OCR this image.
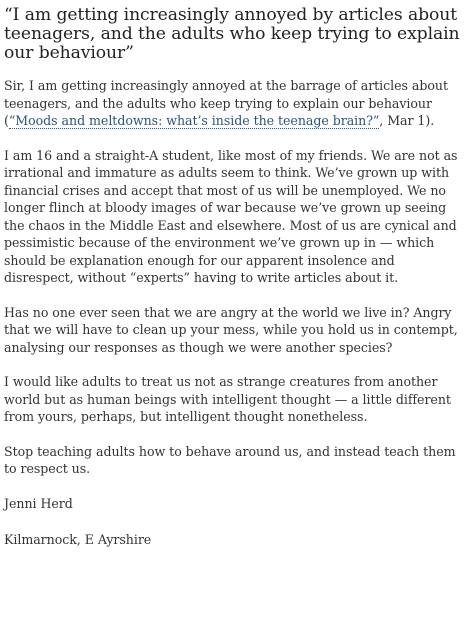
“I am getting increasingly annoyed by articles about teenagers, and the adults who keep trying to explain our behaviour”

Sir, I am getting increasingly annoyed at the barrage of articles about teenagers, and the adults who keep trying to explain our behaviour (“Moods and meltdowns: what’s inside the teenage brain?”, Mar 1).

I am 16 and a straight-A student, like most of my friends. We are not as irrational and immature as adults seem to think. We’ve grown up with financial crises and accept that most of us will be unemployed. We no longer flinch at bloody images of war because we’ve grown up seeing the chaos in the Middle East and elsewhere. Most of us are cynical and pessimistic because of the environment we’ve grown up in — which should be explanation enough for our apparent insolence and disrespect, without “experts” having to write articles about it.

Has no one ever seen that we are angry at the world we live in? Angry that we will have to clean up your mess, while you hold us in contempt, analysing our responses as though we were another species?

I would like adults to treat us not as strange creatures from another world but as human beings with intelligent thought — a little different from yours, perhaps, but intelligent thought nonetheless.

Stop teaching adults how to behave around us, and instead teach them to respect us.

Jenni Herd

Kilmarnock, E Ayrshire
